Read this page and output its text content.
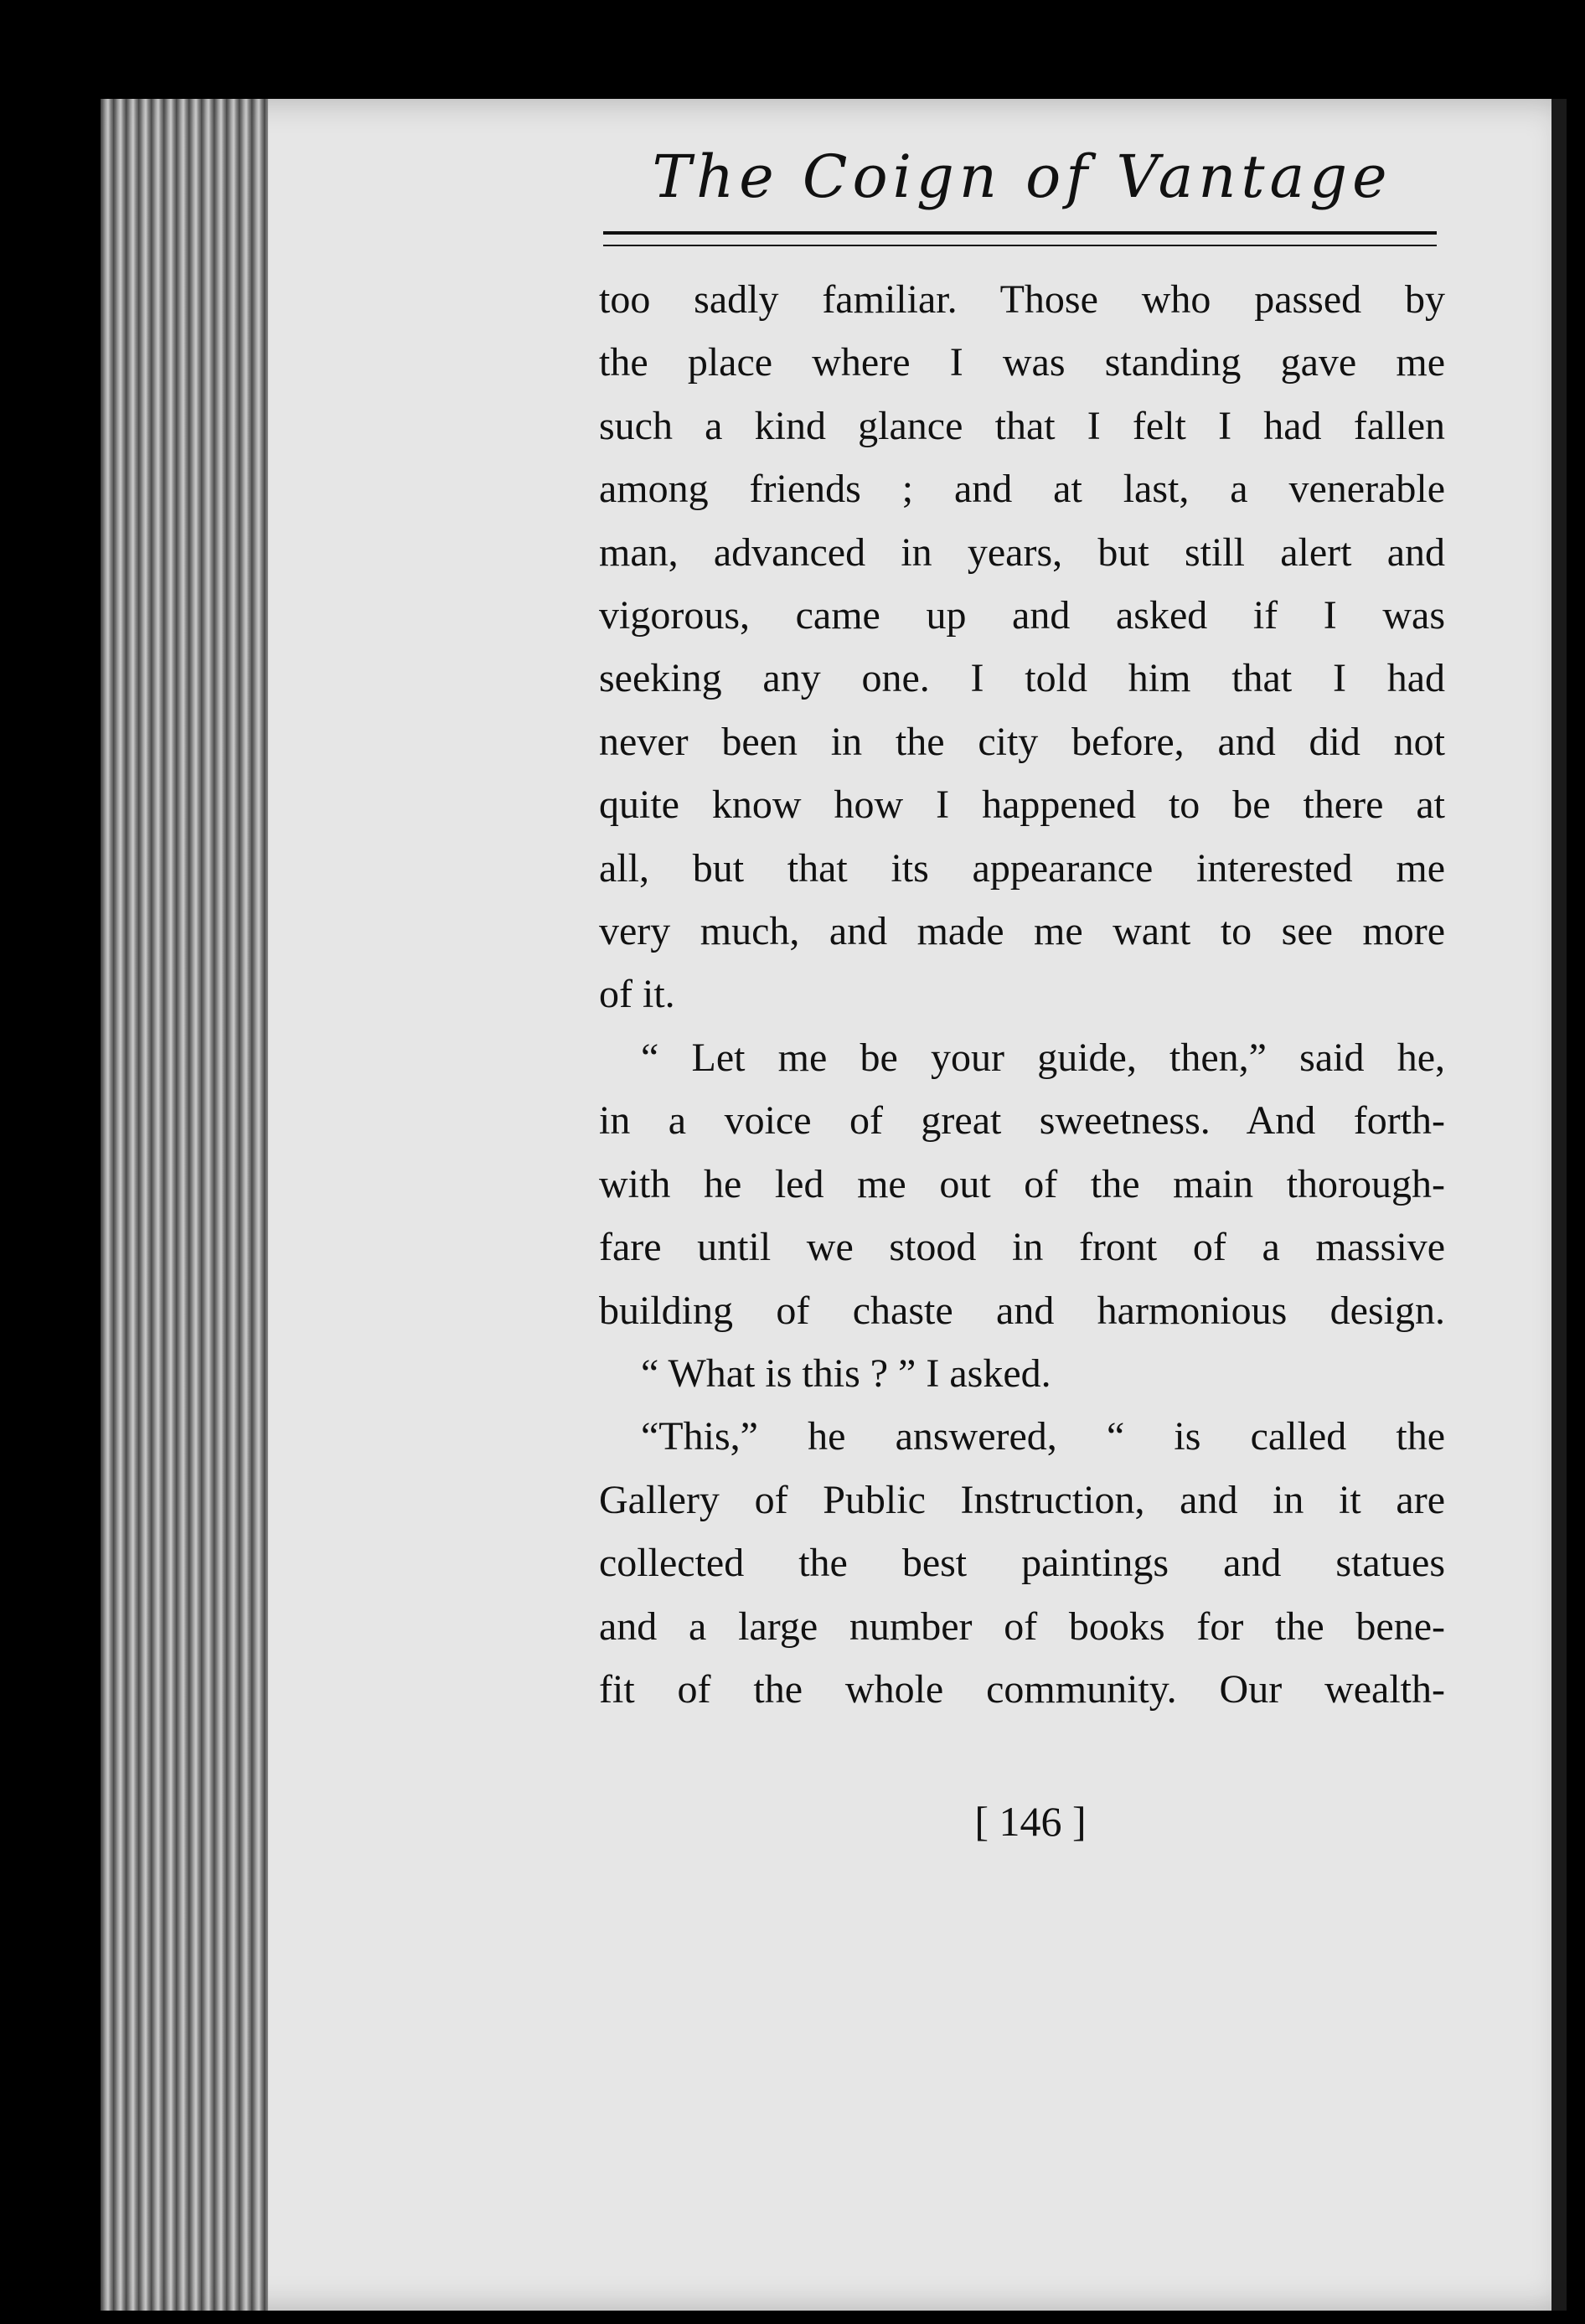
The Coign of Vantage

too sadly familiar. Those who passed by

the place where I was standing gave me

such a kind glance that I felt I had fallen

among friends ; and at last, a venerable

man, advanced in years, but still alert and

vigorous, came up and asked if I was

seeking any one. I told him that I had

never been in the city before, and did not

quite know how I happened to be there at

all, but that its appearance interested me

very much, and made me want to see more

of it.

“ Let me be your guide, then,” said he,

in a voice of great sweetness. And forth-

with he led me out of the main thorough-

fare until we stood in front of a massive

building of chaste and harmonious design.

“ What is this ? ” I asked.

“This,” he answered, “ is called the

Gallery of Public Instruction, and in it are

collected the best paintings and statues

and a large number of books for the bene-

fit of the whole community. Our wealth-

[ 146 ]
